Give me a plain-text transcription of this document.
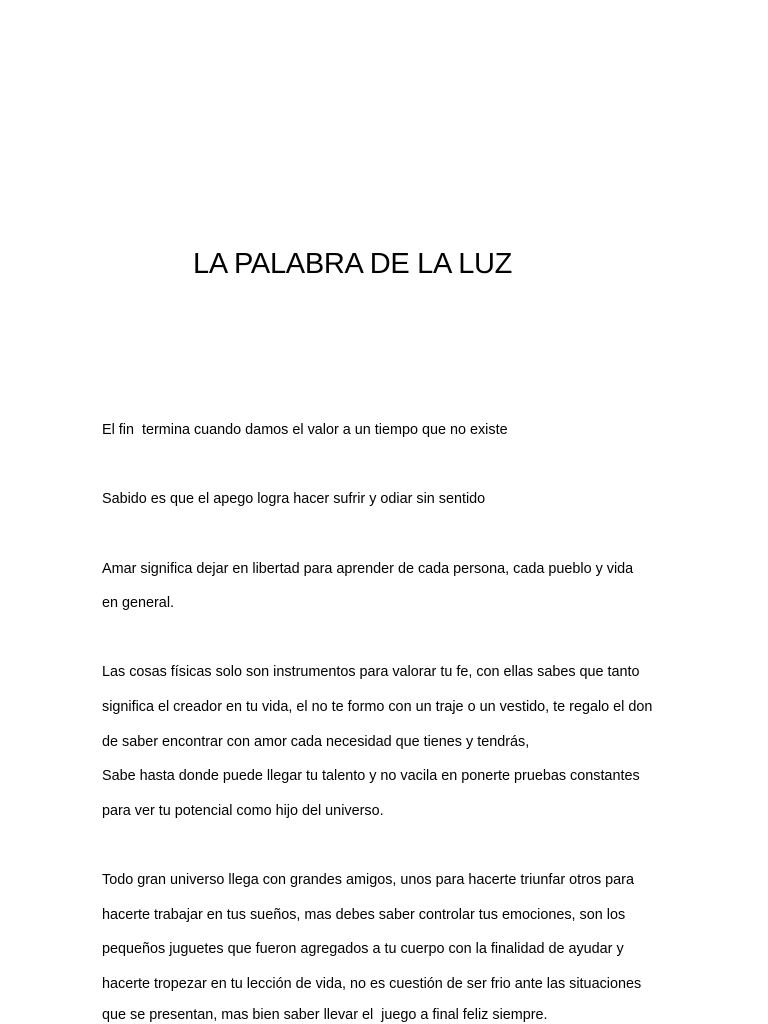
LA PALABRA DE LA LUZ

El fin  termina cuando damos el valor a un tiempo que no existe

Sabido es que el apego logra hacer sufrir y odiar sin sentido

Amar significa dejar en libertad para aprender de cada persona, cada pueblo y vida

en general.

Las cosas físicas solo son instrumentos para valorar tu fe, con ellas sabes que tanto

significa el creador en tu vida, el no te formo con un traje o un vestido, te regalo el don

de saber encontrar con amor cada necesidad que tienes y tendrás,

Sabe hasta donde puede llegar tu talento y no vacila en ponerte pruebas constantes

para ver tu potencial como hijo del universo.

Todo gran universo llega con grandes amigos, unos para hacerte triunfar otros para

hacerte trabajar en tus sueños, mas debes saber controlar tus emociones, son los

pequeños juguetes que fueron agregados a tu cuerpo con la finalidad de ayudar y

hacerte tropezar en tu lección de vida, no es cuestión de ser frio ante las situaciones

que se presentan, mas bien saber llevar el  juego a final feliz siempre.
